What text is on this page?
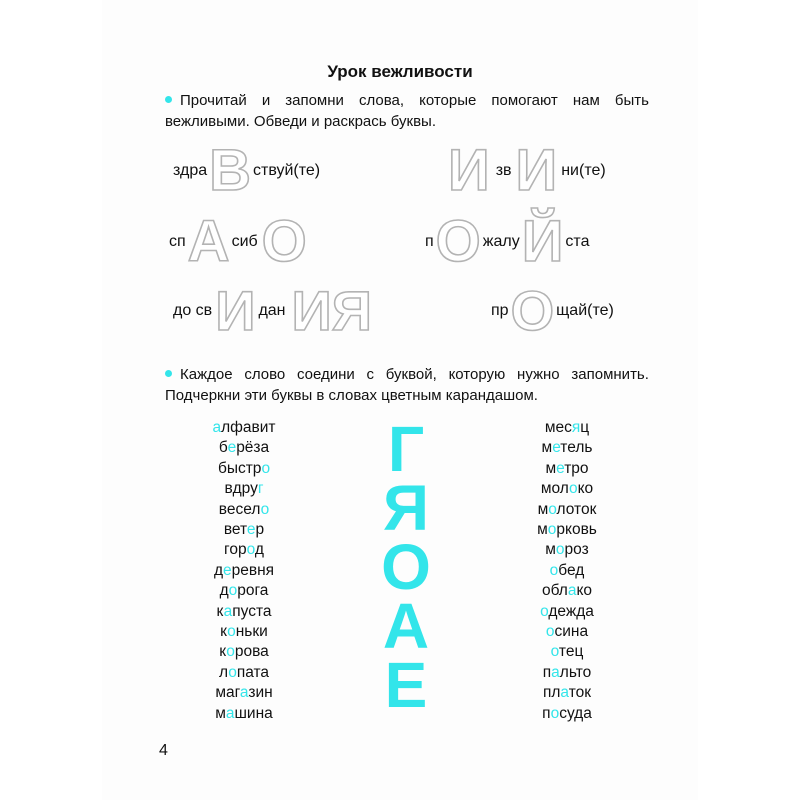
Урок вежливости
Прочитай и запомни слова, которые помогают нам быть
вежливыми. Обведи и раскрась буквы.
здра В ствуй(те) И зв И ни(те)
сп А сиб О	п О жалу Й ста
до св И дан ИЯ	пр О щай(те)
Каждое слово соедини с буквой, которую нужно запомнить.
Подчеркни эти буквы в словах цветным карандашом.
алфавит
берёза
быстро
вдруг
весело
ветер
город
деревня
дорога
капуста
коньки
корова
лопата
магазин
машина
месяц
метель
метро
молоко
молоток
морковь
мороз
обед
облако
одежда
осина
отец
пальто
платок
посуда
Г
Я
О
А
Е
4
